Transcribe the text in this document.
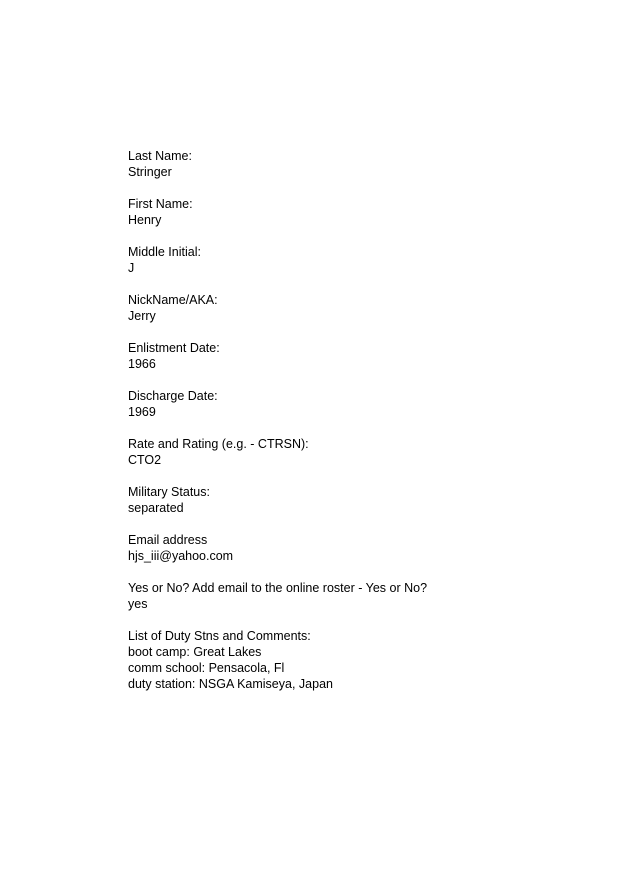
Last Name:
Stringer
First Name:
Henry
Middle Initial:
J
NickName/AKA:
Jerry
Enlistment Date:
1966
Discharge Date:
1969
Rate and Rating (e.g. - CTRSN):
CTO2
Military Status:
separated
Email address
hjs_iii@yahoo.com
Yes or No? Add email to the online roster - Yes or No?
yes
List of Duty Stns and Comments:
boot camp: Great Lakes
comm school: Pensacola, Fl
duty station: NSGA Kamiseya, Japan
